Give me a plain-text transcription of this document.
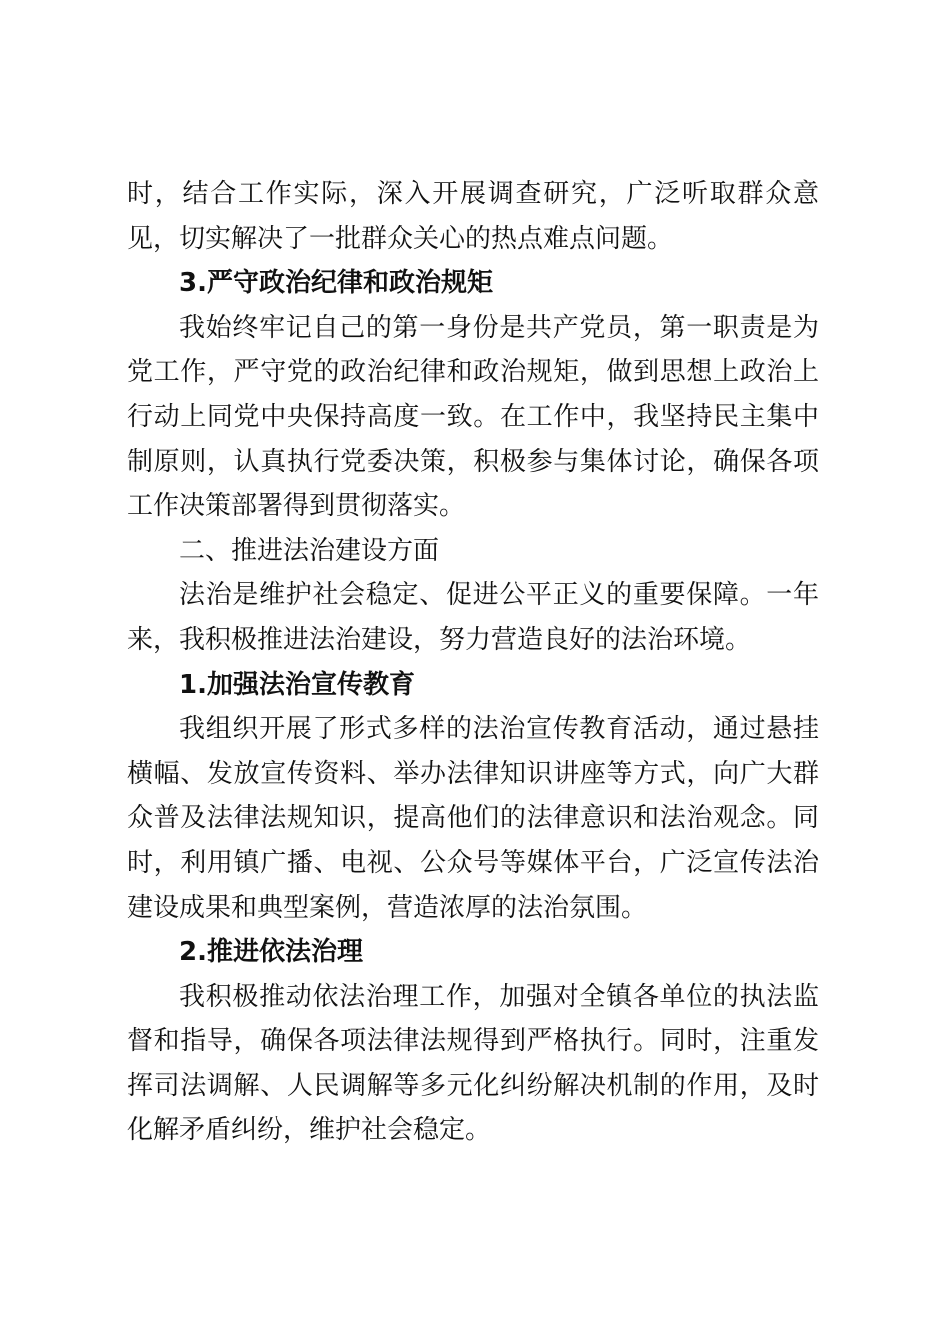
时，结合工作实际，深入开展调查研究，广泛听取群众意见，切实解决了一批群众关心的热点难点问题。

3.严守政治纪律和政治规矩

我始终牢记自己的第一身份是共产党员，第一职责是为党工作，严守党的政治纪律和政治规矩，做到思想上政治上行动上同党中央保持高度一致。在工作中，我坚持民主集中制原则，认真执行党委决策，积极参与集体讨论，确保各项工作决策部署得到贯彻落实。

二、推进法治建设方面

法治是维护社会稳定、促进公平正义的重要保障。一年来，我积极推进法治建设，努力营造良好的法治环境。

1.加强法治宣传教育

我组织开展了形式多样的法治宣传教育活动，通过悬挂横幅、发放宣传资料、举办法律知识讲座等方式，向广大群众普及法律法规知识，提高他们的法律意识和法治观念。同时，利用镇广播、电视、公众号等媒体平台，广泛宣传法治建设成果和典型案例，营造浓厚的法治氛围。

2.推进依法治理

我积极推动依法治理工作，加强对全镇各单位的执法监督和指导，确保各项法律法规得到严格执行。同时，注重发挥司法调解、人民调解等多元化纠纷解决机制的作用，及时化解矛盾纠纷，维护社会稳定。
